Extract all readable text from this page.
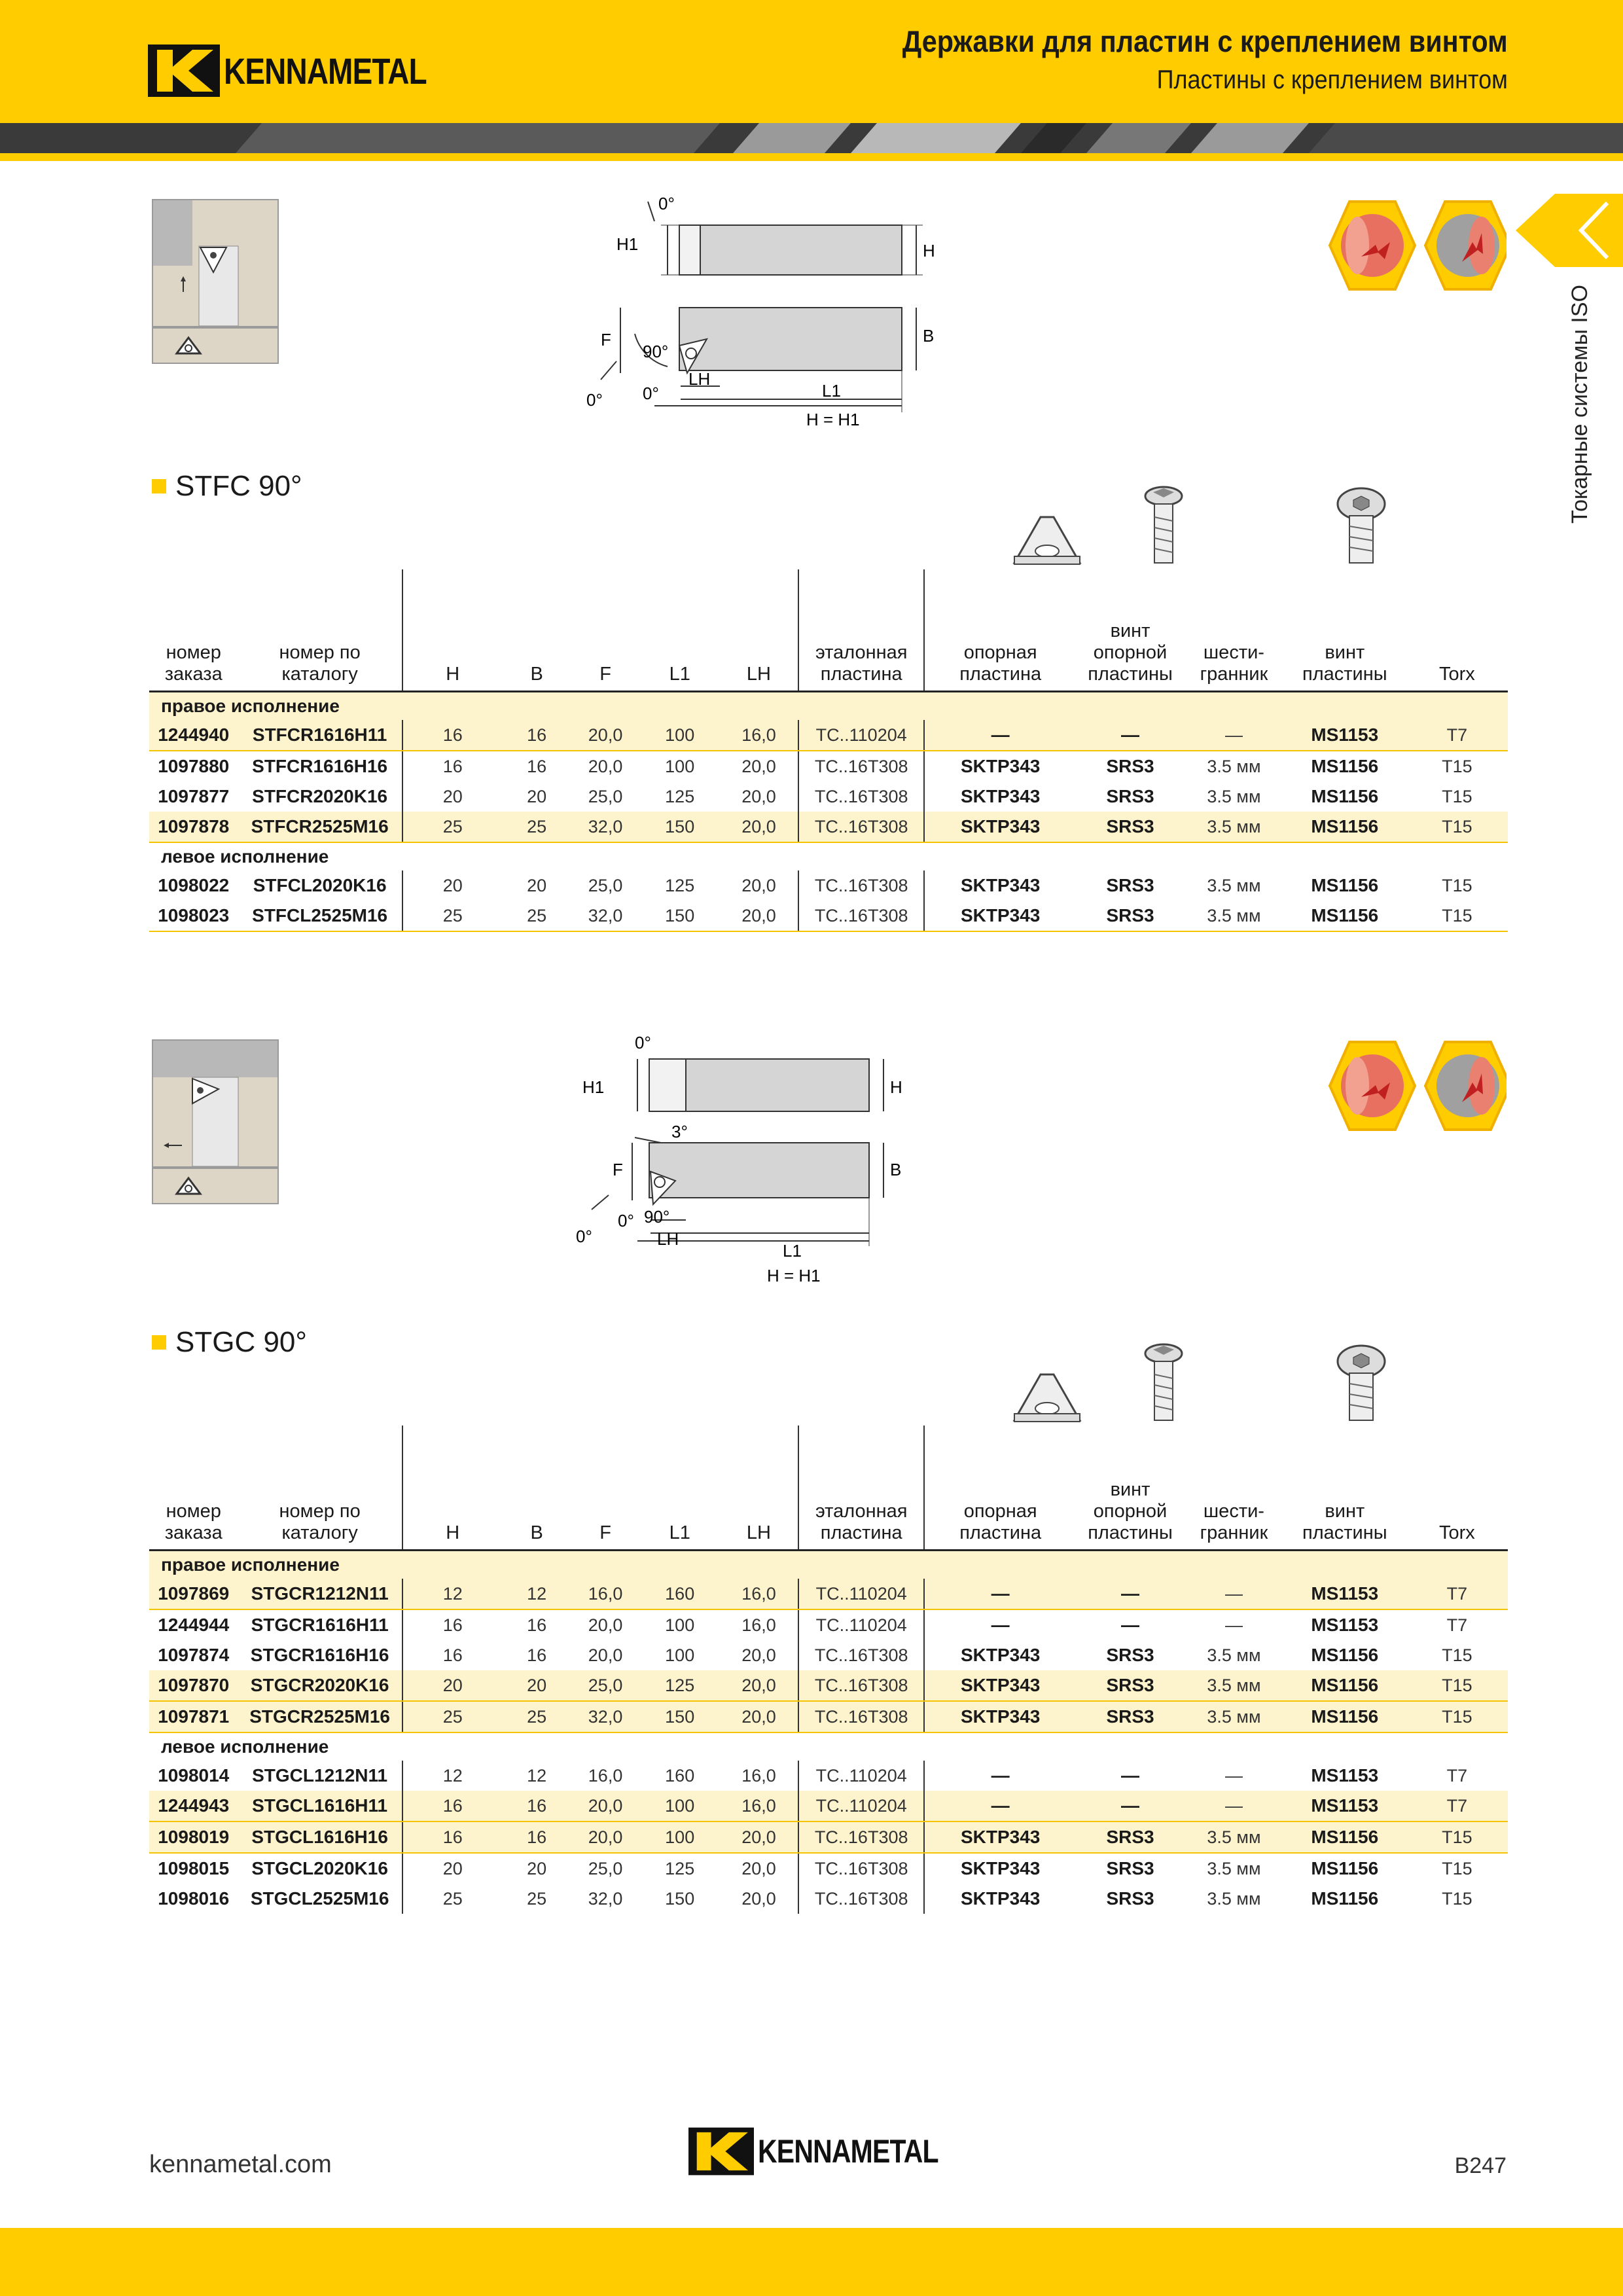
KENNAMETAL
Державки для пластин с креплением винтом
Пластины с креплением винтом
Токарные системы ISO
0°
H1	H
F	B
90°
0° 0°
LH
L1
H = H1
STFC 90°
номер заказа	номер по каталогу	H	B	F	L1	LH	эталонная пластина	опорная пластина	винт опорной пластины	шести-гранник	винт пластины	Torx
правое исполнение												
1244940	STFCR1616H11	16	16	20,0	100	16,0	TC..110204	—	—	—	MS1153	T7
1097880	STFCR1616H16	16	16	20,0	100	20,0	TC..16T308	SKTP343	SRS3	3.5 мм	MS1156	T15
1097877	STFCR2020K16	20	20	25,0	125	20,0	TC..16T308	SKTP343	SRS3	3.5 мм	MS1156	T15
1097878	STFCR2525M16	25	25	32,0	150	20,0	TC..16T308	SKTP343	SRS3	3.5 мм	MS1156	T15
левое исполнение												
1098022	STFCL2020K16	20	20	25,0	125	20,0	TC..16T308	SKTP343	SRS3	3.5 мм	MS1156	T15
1098023	STFCL2525M16	25	25	32,0	150	20,0	TC..16T308	SKTP343	SRS3	3.5 мм	MS1156	T15
0°
H1	H
3°
F	B
0° 90°
0°	LH
L1
H = H1
STGC 90°
номер заказа	номер по каталогу	H	B	F	L1	LH	эталонная пластина	опорная пластина	винт опорной пластины	шести-гранник	винт пластины	Torx
правое исполнение												
1097869	STGCR1212N11	12	12	16,0	160	16,0	TC..110204	—	—	—	MS1153	T7
1244944	STGCR1616H11	16	16	20,0	100	16,0	TC..110204	—	—	—	MS1153	T7
1097874	STGCR1616H16	16	16	20,0	100	20,0	TC..16T308	SKTP343	SRS3	3.5 мм	MS1156	T15
1097870	STGCR2020K16	20	20	25,0	125	20,0	TC..16T308	SKTP343	SRS3	3.5 мм	MS1156	T15
1097871	STGCR2525M16	25	25	32,0	150	20,0	TC..16T308	SKTP343	SRS3	3.5 мм	MS1156	T15
левое исполнение												
1098014	STGCL1212N11	12	12	16,0	160	16,0	TC..110204	—	—	—	MS1153	T7
1244943	STGCL1616H11	16	16	20,0	100	16,0	TC..110204	—	—	—	MS1153	T7
1098019	STGCL1616H16	16	16	20,0	100	20,0	TC..16T308	SKTP343	SRS3	3.5 мм	MS1156	T15
1098015	STGCL2020K16	20	20	25,0	125	20,0	TC..16T308	SKTP343	SRS3	3.5 мм	MS1156	T15
1098016	STGCL2525M16	25	25	32,0	150	20,0	TC..16T308	SKTP343	SRS3	3.5 мм	MS1156	T15
kennametal.com	KENNAMETAL	B247
